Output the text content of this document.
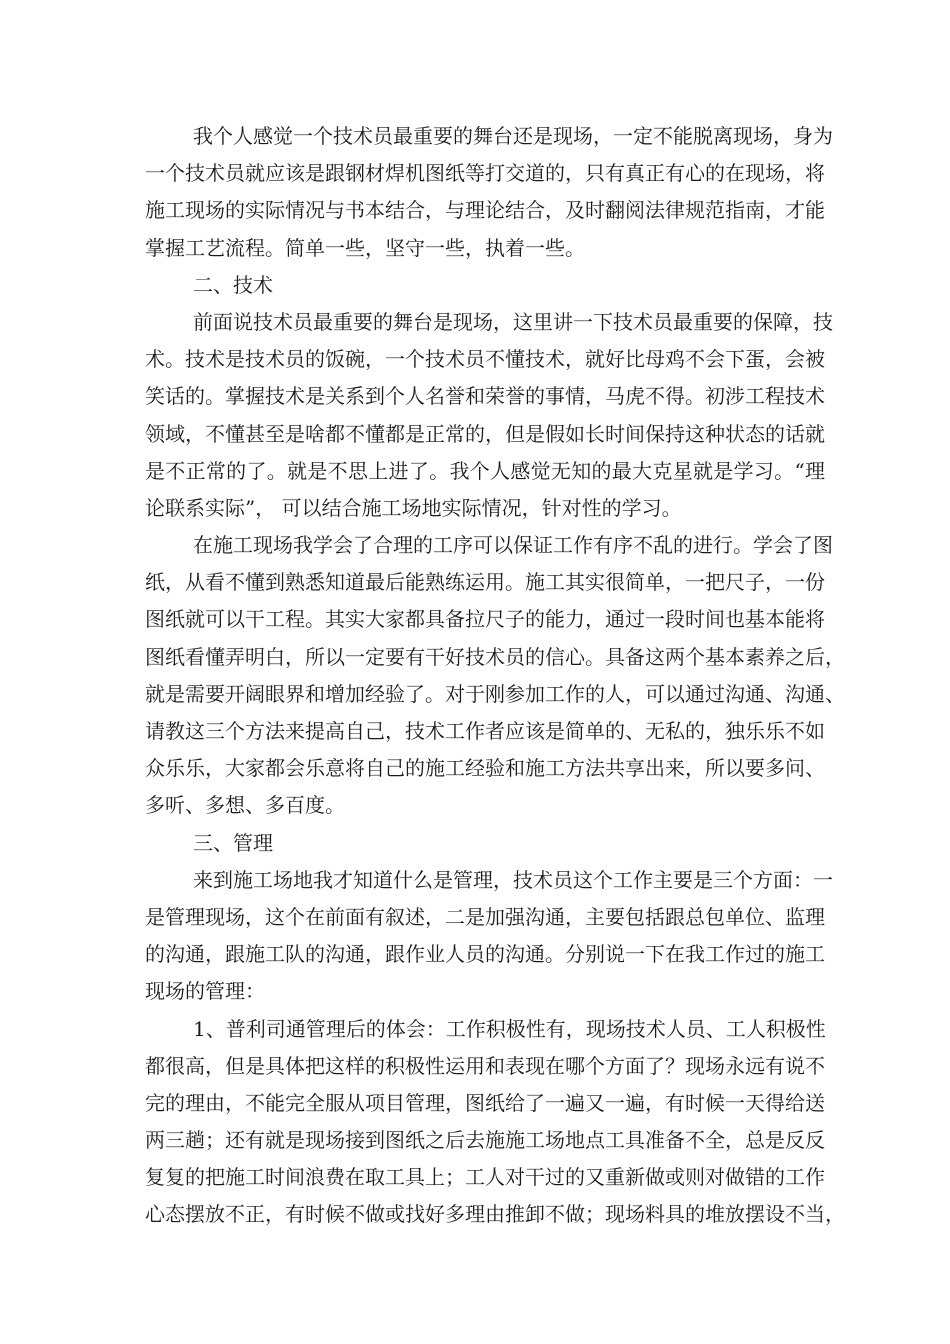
我个人感觉一个技术员最重要的舞台还是现场，一定不能脱离现场，身为
一个技术员就应该是跟钢材焊机图纸等打交道的，只有真正有心的在现场，将
施工现场的实际情况与书本结合，与理论结合，及时翻阅法律规范指南，才能
掌握工艺流程。简单一些，坚守一些，执着一些。
二、技术
前面说技术员最重要的舞台是现场，这里讲一下技术员最重要的保障，技
术。技术是技术员的饭碗，一个技术员不懂技术，就好比母鸡不会下蛋，会被
笑话的。掌握技术是关系到个人名誉和荣誉的事情，马虎不得。初涉工程技术
领域，不懂甚至是啥都不懂都是正常的，但是假如长时间保持这种状态的话就
是不正常的了。就是不思上进了。我个人感觉无知的最大克星就是学习。“理
论联系实际”， 可以结合施工场地实际情况，针对性的学习。
在施工现场我学会了合理的工序可以保证工作有序不乱的进行。学会了图
纸，从看不懂到熟悉知道最后能熟练运用。施工其实很简单，一把尺子，一份
图纸就可以干工程。其实大家都具备拉尺子的能力，通过一段时间也基本能将
图纸看懂弄明白，所以一定要有干好技术员的信心。具备这两个基本素养之后，
就是需要开阔眼界和增加经验了。对于刚参加工作的人，可以通过沟通、沟通、
请教这三个方法来提高自己，技术工作者应该是简单的、无私的，独乐乐不如
众乐乐，大家都会乐意将自己的施工经验和施工方法共享出来，所以要多问、
多听、多想、多百度。
三、管理
来到施工场地我才知道什么是管理，技术员这个工作主要是三个方面：一
是管理现场，这个在前面有叙述，二是加强沟通，主要包括跟总包单位、监理
的沟通，跟施工队的沟通，跟作业人员的沟通。分别说一下在我工作过的施工
现场的管理：
1、普利司通管理后的体会：工作积极性有，现场技术人员、工人积极性
都很高，但是具体把这样的积极性运用和表现在哪个方面了？现场永远有说不
完的理由，不能完全服从项目管理，图纸给了一遍又一遍，有时候一天得给送
两三趟；还有就是现场接到图纸之后去施施工场地点工具准备不全，总是反反
复复的把施工时间浪费在取工具上；工人对干过的又重新做或则对做错的工作
心态摆放不正，有时候不做或找好多理由推卸不做；现场料具的堆放摆设不当，
